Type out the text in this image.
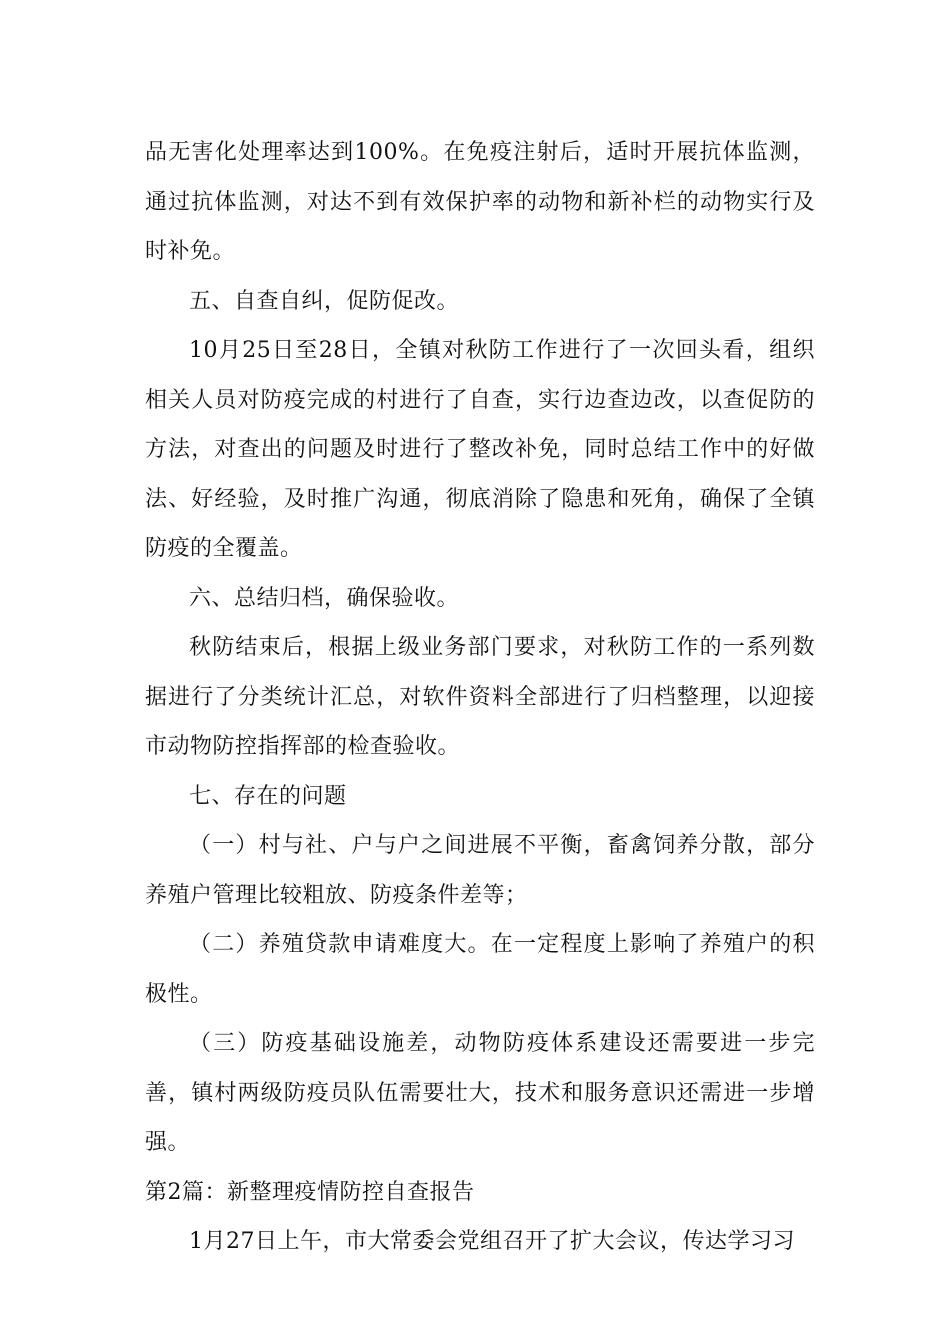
品无害化处理率达到100%。在免疫注射后，适时开展抗体监测，通过抗体监测，对达不到有效保护率的动物和新补栏的动物实行及时补免。

五、自查自纠，促防促改。

10月25日至28日，全镇对秋防工作进行了一次回头看，组织相关人员对防疫完成的村进行了自查，实行边查边改，以查促防的方法，对查出的问题及时进行了整改补免，同时总结工作中的好做法、好经验，及时推广沟通，彻底消除了隐患和死角，确保了全镇防疫的全覆盖。

六、总结归档，确保验收。

秋防结束后，根据上级业务部门要求，对秋防工作的一系列数据进行了分类统计汇总，对软件资料全部进行了归档整理，以迎接市动物防控指挥部的检查验收。

七、存在的问题

（一）村与社、户与户之间进展不平衡，畜禽饲养分散，部分养殖户管理比较粗放、防疫条件差等；

（二）养殖贷款申请难度大。在一定程度上影响了养殖户的积极性。

（三）防疫基础设施差，动物防疫体系建设还需要进一步完善，镇村两级防疫员队伍需要壮大，技术和服务意识还需进一步增强。

第2篇：新整理疫情防控自查报告

1月27日上午，市大常委会党组召开了扩大会议，传达学习习
